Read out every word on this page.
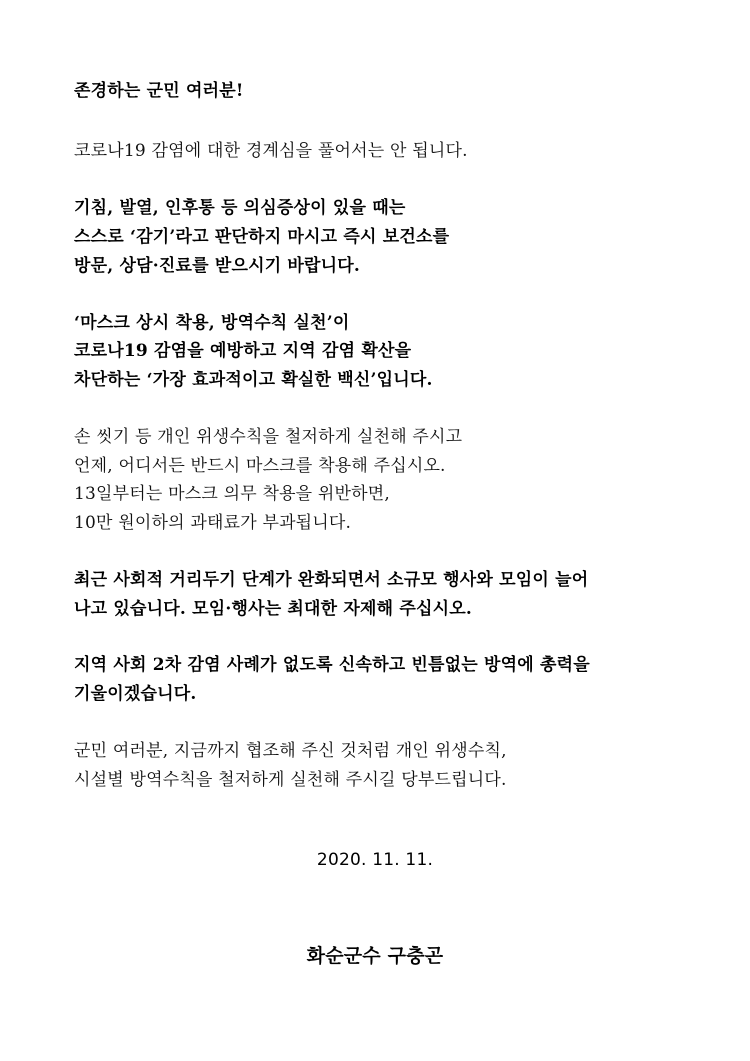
존경하는 군민 여러분!

코로나19 감염에 대한 경계심을 풀어서는 안 됩니다.

기침, 발열, 인후통 등 의심증상이 있을 때는

스스로 ‘감기’라고 판단하지 마시고 즉시 보건소를

방문, 상담·진료를 받으시기 바랍니다.

‘마스크 상시 착용, 방역수칙 실천’이

코로나19 감염을 예방하고 지역 감염 확산을

차단하는 ‘가장 효과적이고 확실한 백신’입니다.

손 씻기 등 개인 위생수칙을 철저하게 실천해 주시고

언제, 어디서든 반드시 마스크를 착용해 주십시오.

13일부터는 마스크 의무 착용을 위반하면,

10만 원이하의 과태료가 부과됩니다.

최근 사회적 거리두기 단계가 완화되면서 소규모 행사와 모임이 늘어

나고 있습니다. 모임·행사는 최대한 자제해 주십시오.

지역 사회 2차 감염 사례가 없도록 신속하고 빈틈없는 방역에 총력을

기울이겠습니다.

군민 여러분, 지금까지 협조해 주신 것처럼 개인 위생수칙,

시설별 방역수칙을 철저하게 실천해 주시길 당부드립니다.

2020. 11. 11.

화순군수 구충곤
